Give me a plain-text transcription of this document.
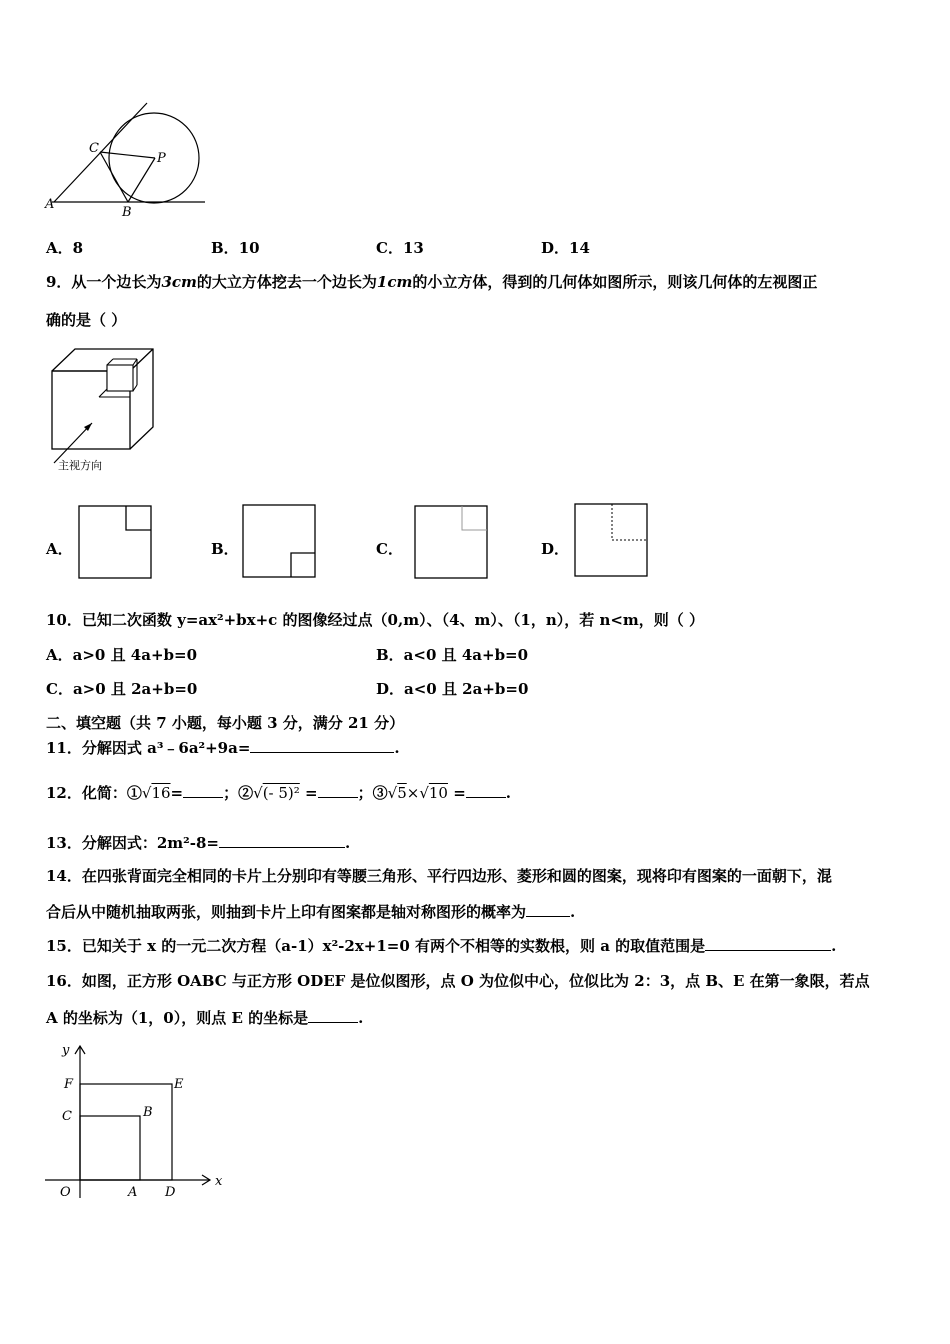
C
P
A
B
A．8	B．10	C．13	D．14
9．从一个边长为3cm的大立方体挖去一个边长为1cm的小立方体，得到的几何体如图所示，则该几何体的左视图正
确的是（ ）
主视方向
A．	B．	C．	D．
10．已知二次函数 y=ax²+bx+c 的图像经过点（0,m）、（4、m）、（1，n），若 n<m，则（ ）
A．a>0 且 4a+b=0	B．a<0 且 4a+b=0
C．a>0 且 2a+b=0	D．a<0 且 2a+b=0
二、填空题（共 7 小题，每小题 3 分，满分 21 分）
11．分解因式 a³﹣6a²+9a=	.
12．化简：①√16=	；②√(- 5)² =	；③√5×√10 =	.
13．分解因式：2m²-8=	.
14．在四张背面完全相同的卡片上分别印有等腰三角形、平行四边形、菱形和圆的图案，现将印有图案的一面朝下，混
合后从中随机抽取两张，则抽到卡片上印有图案都是轴对称图形的概率为	.
15．已知关于 x 的一元二次方程（a-1）x²-2x+1=0 有两个不相等的实数根，则 a 的取值范围是	.
16．如图，正方形 OABC 与正方形 ODEF 是位似图形，点 O 为位似中心，位似比为 2：3，点 B、E 在第一象限，若点
A 的坐标为（1，0），则点 E 的坐标是	.
y
x
F	E
C	B
O	A D
